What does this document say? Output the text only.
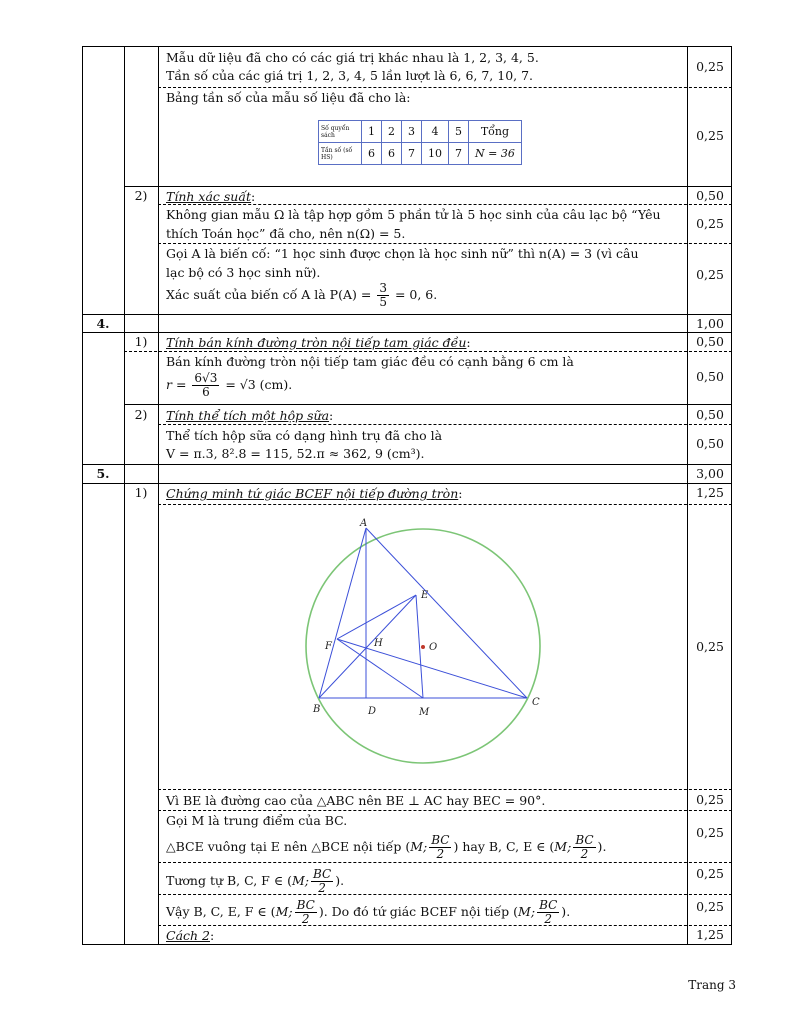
Mẫu dữ liệu đã cho có các giá trị khác nhau là 1, 2, 3, 4, 5.
Tần số của các giá trị 1, 2, 3, 4, 5 lần lượt là 6, 6, 7, 10, 7.
0,25
Bảng tần số của mẫu số liệu đã cho là:
Số quyển sách	1	2	3	4	5	Tổng
Tần số (số HS)	6	6	7	10	7	N = 36
0,25
2)	Tính xác suất:	0,50
Không gian mẫu Ω là tập hợp gồm 5 phần tử là 5 học sinh của câu lạc bộ “Yêu
thích Toán học” đã cho, nên n(Ω) = 5.
0,25
Gọi A là biến cố: “1 học sinh được chọn là học sinh nữ” thì n(A) = 3 (vì câu
lạc bộ có 3 học sinh nữ).
Xác suất của biến cố A là $P(A) = \frac{3}{5} = 0$, 6.
0,25
4.	1,00
1)	Tính bán kính đường tròn nội tiếp tam giác đều:	0,50
Bán kính đường tròn nội tiếp tam giác đều có cạnh bằng 6 cm là
$r = \frac{6√3}{6} = √3$ (cm).
0,50
2)	Tính thể tích một hộp sữa:	0,50
Thể tích hộp sữa có dạng hình trụ đã cho là
V = π.3, 8².8 = 115, 52.π ≈ 362, 9 (cm³).
0,50
5.	3,00
1)	Chứng minh tứ giác BCEF nội tiếp đường tròn:	1,25
A
E
F	H	O
B	D	M
C
0,25
Vì BE là đường cao của △ABC nên BE ⊥ AC hay BEC = 90°.	0,25
Gọi M là trung điểm của BC.
△BCE vuông tại E nên △BCE nội tiếp (M; $\frac{BC}{2}$ ) hay B, C, E ∈ (M; $\frac{BC}{2}$ ).
0,25
Tương tự B, C, F ∈ (M; $\frac{BC}{2}$ ).	0,25
Vậy B, C, E, F ∈ (M; $\frac{BC}{2}$ ). Do đó tứ giác BCEF nội tiếp (M; $\frac{BC}{2}$ ).	0,25
Cách 2:	1,25
Trang 3
